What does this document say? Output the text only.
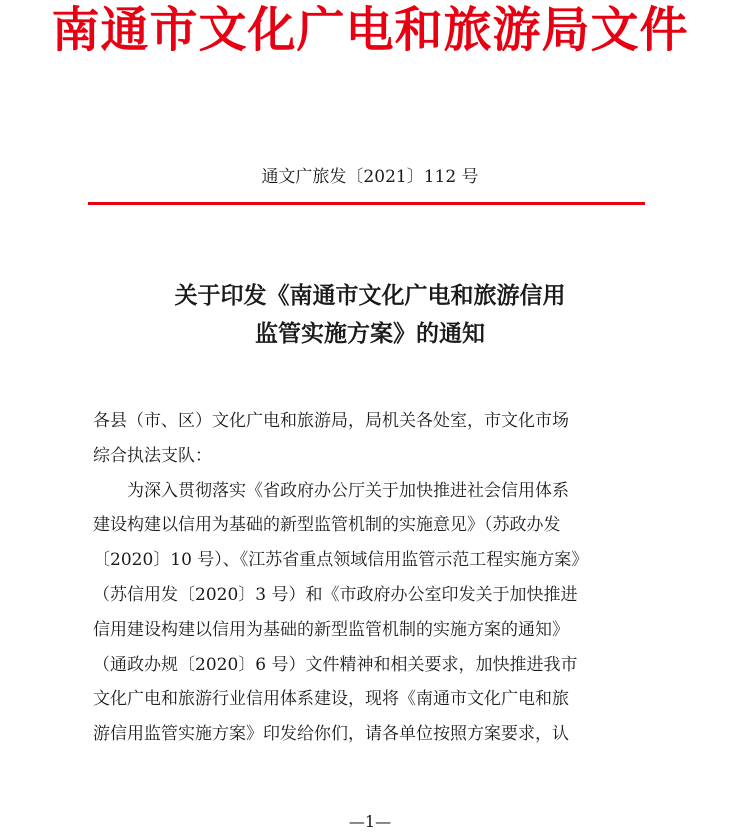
南通市文化广电和旅游局文件
通文广旅发〔2021〕112 号
关于印发《南通市文化广电和旅游信用
监管实施方案》的通知
各县（市、区）文化广电和旅游局，局机关各处室，市文化市场
综合执法支队：
为深入贯彻落实《省政府办公厅关于加快推进社会信用体系
建设构建以信用为基础的新型监管机制的实施意见》（苏政办发
〔2020〕10 号）、《江苏省重点领域信用监管示范工程实施方案》
（苏信用发〔2020〕3 号）和《市政府办公室印发关于加快推进
信用建设构建以信用为基础的新型监管机制的实施方案的通知》
（通政办规〔2020〕6 号）文件精神和相关要求，加快推进我市
文化广电和旅游行业信用体系建设，现将《南通市文化广电和旅
游信用监管实施方案》印发给你们，请各单位按照方案要求，认
—1—
